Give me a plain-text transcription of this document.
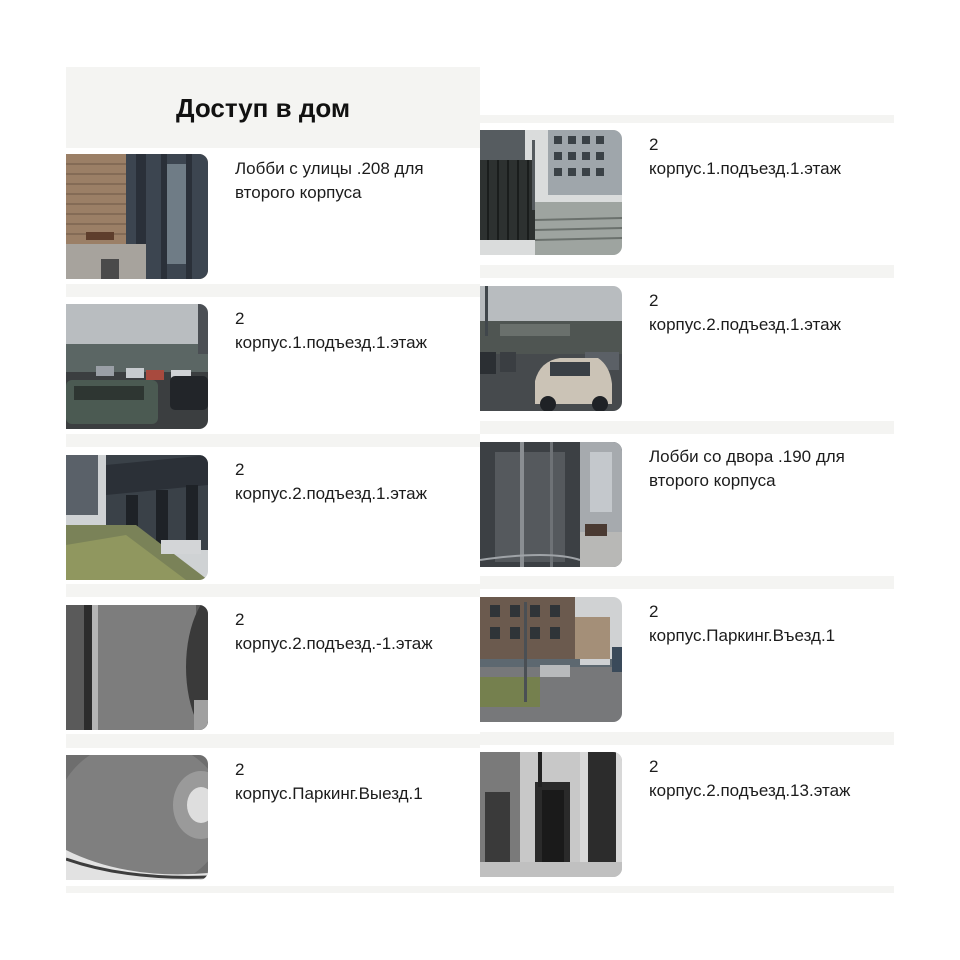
Доступ в дом
Лобби с улицы .208 для
второго корпуса
2
корпус.1.подъезд.1.этаж
2
корпус.2.подъезд.1.этаж
2
корпус.2.подъезд.-1.этаж
2
корпус.Паркинг.Выезд.1
2
корпус.1.подъезд.1.этаж
2
корпус.2.подъезд.1.этаж
Лобби со двора .190 для
второго корпуса
2
корпус.Паркинг.Въезд.1
2
корпус.2.подъезд.13.этаж
